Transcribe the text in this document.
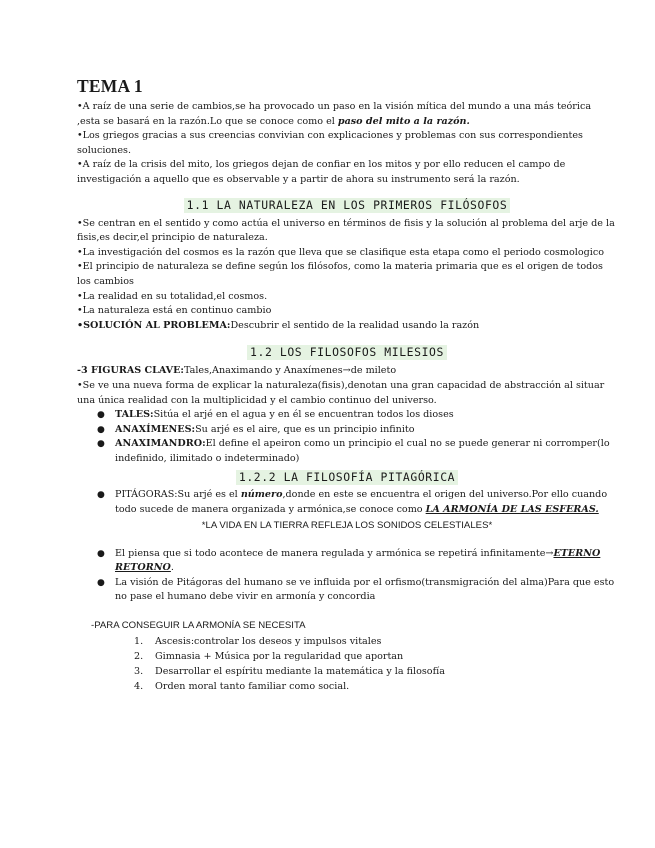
TEMA 1

•A raíz de una serie de cambios,se ha provocado un paso en la visión mítica del mundo a una más teórica ,esta se basará en la razón.Lo que se conoce como el paso del mito a la razón.

•Los griegos gracias a sus creencias convivian con explicaciones y problemas con sus correspondientes soluciones.

•A raíz de la crisis del mito, los griegos dejan de confiar en los mitos y por ello reducen el campo de investigación a aquello que es observable y a partir de ahora su instrumento será la razón.

1.1 LA NATURALEZA EN LOS PRIMEROS FILÓSOFOS

•Se centran en el sentido y como actúa el universo en términos de fisis y la solución al problema del arje de la fisis,es decir,el principio de naturaleza.

•La investigación del cosmos es la razón que lleva que se clasifique esta etapa como el periodo cosmologico

•El principio de naturaleza se define según los filósofos, como la materia primaria que es el origen de todos los cambios

•La realidad en su totalidad,el cosmos.

•La naturaleza está en continuo cambio

•SOLUCIÓN AL PROBLEMA:Descubrir el sentido de la realidad usando la razón

1.2 LOS FILOSOFOS MILESIOS

-3 FIGURAS CLAVE:Tales,Anaximando y Anaxímenes→de mileto

•Se ve una nueva forma de explicar la naturaleza(fisis),denotan una gran capacidad de abstracción al situar una única realidad con la multiplicidad y el cambio continuo del universo.

● TALES:Sitúa el arjé en el agua y en él se encuentran todos los dioses
● ANAXÍMENES:Su arjé es el aire, que es un principio infinito
● ANAXIMANDRO:El define el apeiron como un principio el cual no se puede generar ni corromper(lo indefinido, ilimitado o indeterminado)
1.2.2 LA FILOSOFÍA PITAGÓRICA
● PITÁGORAS:Su arjé es el número,donde en este se encuentra el origen del universo.Por ello cuando todo sucede de manera organizada y armónica,se conoce como LA ARMONÍA DE LAS ESFERAS.

*LA VIDA EN LA TIERRA REFLEJA LOS SONIDOS CELESTIALES*

● El piensa que si todo acontece de manera regulada y armónica se repetirá infinitamente→ETERNO RETORNO.
● La visión de Pitágoras del humano se ve influida por el orfismo(transmigración del alma)Para que esto no pase el humano debe vivir en armonía y concordia

-PARA CONSEGUIR LA ARMONÍA SE NECESITA

1. Ascesis:controlar los deseos y impulsos vitales
2. Gimnasia + Música por la regularidad que aportan
3. Desarrollar el espíritu mediante la matemática y la filosofía
4. Orden moral tanto familiar como social.
